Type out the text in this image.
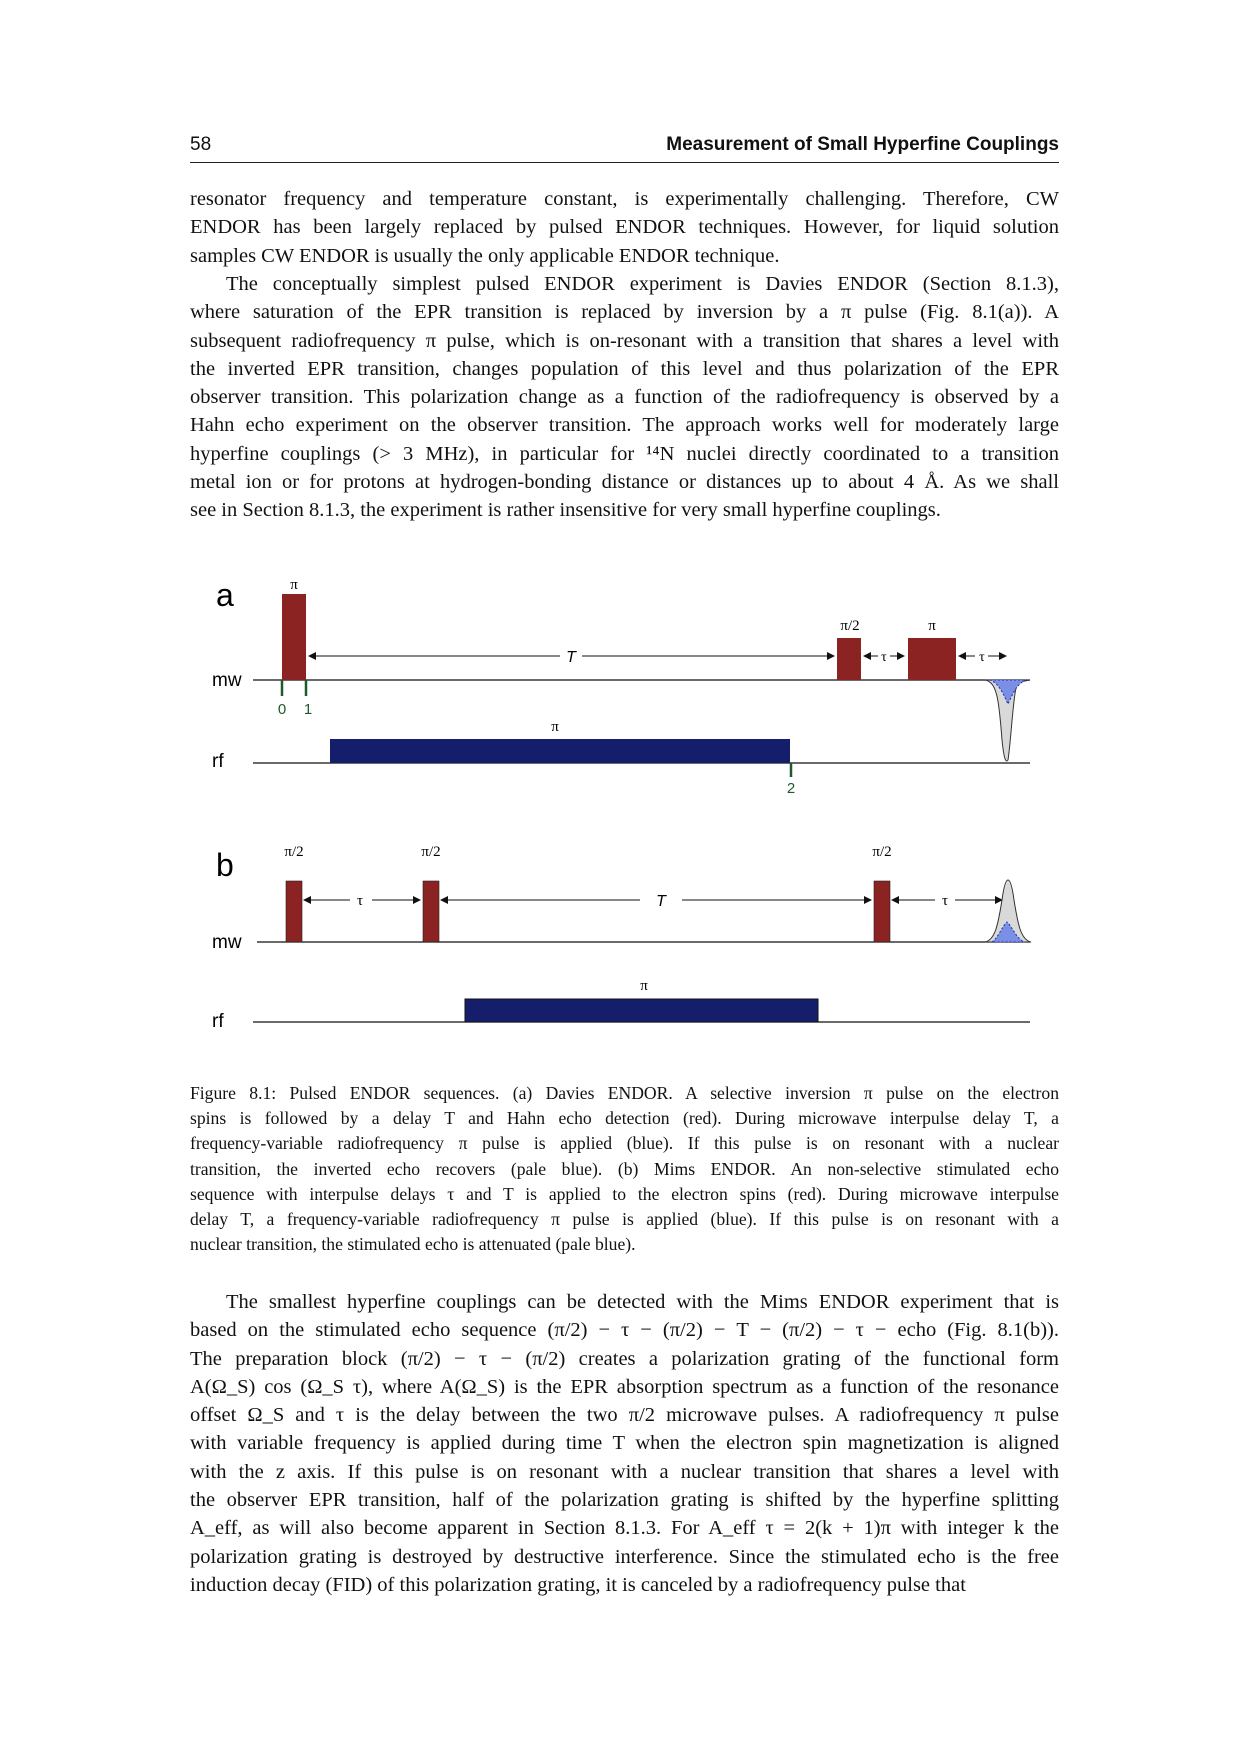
58	Measurement of Small Hyperfine Couplings
resonator frequency and temperature constant, is experimentally challenging. Therefore, CW
ENDOR has been largely replaced by pulsed ENDOR techniques. However, for liquid solution
samples CW ENDOR is usually the only applicable ENDOR technique.
The conceptually simplest pulsed ENDOR experiment is Davies ENDOR (Section 8.1.3),
where saturation of the EPR transition is replaced by inversion by a π pulse (Fig. 8.1(a)). A
subsequent radiofrequency π pulse, which is on-resonant with a transition that shares a level with
the inverted EPR transition, changes population of this level and thus polarization of the EPR
observer transition. This polarization change as a function of the radiofrequency is observed by a
Hahn echo experiment on the observer transition. The approach works well for moderately large
hyperfine couplings (> 3 MHz), in particular for ¹⁴N nuclei directly coordinated to a transition
metal ion or for protons at hydrogen-bonding distance or distances up to about 4 Å. As we shall
see in Section 8.1.3, the experiment is rather insensitive for very small hyperfine couplings.
a
mw
rf
π
0 1
T
π/2
τ
π
τ
π
2
b
mw
rf
π/2	π/2	π/2
τ	T	τ
π
Figure 8.1: Pulsed ENDOR sequences. (a) Davies ENDOR. A selective inversion π pulse on the electron
spins is followed by a delay T and Hahn echo detection (red). During microwave interpulse delay T, a
frequency-variable radiofrequency π pulse is applied (blue). If this pulse is on resonant with a nuclear
transition, the inverted echo recovers (pale blue). (b) Mims ENDOR. An non-selective stimulated echo
sequence with interpulse delays τ and T is applied to the electron spins (red). During microwave interpulse
delay T, a frequency-variable radiofrequency π pulse is applied (blue). If this pulse is on resonant with a
nuclear transition, the stimulated echo is attenuated (pale blue).
The smallest hyperfine couplings can be detected with the Mims ENDOR experiment that is
based on the stimulated echo sequence (π/2) − τ − (π/2) − T − (π/2) − τ − echo (Fig. 8.1(b)).
The preparation block (π/2) − τ − (π/2) creates a polarization grating of the functional form
A(Ω_S) cos (Ω_S τ), where A(Ω_S) is the EPR absorption spectrum as a function of the resonance
offset Ω_S and τ is the delay between the two π/2 microwave pulses. A radiofrequency π pulse
with variable frequency is applied during time T when the electron spin magnetization is aligned
with the z axis. If this pulse is on resonant with a nuclear transition that shares a level with
the observer EPR transition, half of the polarization grating is shifted by the hyperfine splitting
A_eff, as will also become apparent in Section 8.1.3. For A_eff τ = 2(k + 1)π with integer k the
polarization grating is destroyed by destructive interference. Since the stimulated echo is the free
induction decay (FID) of this polarization grating, it is canceled by a radiofrequency pulse that
